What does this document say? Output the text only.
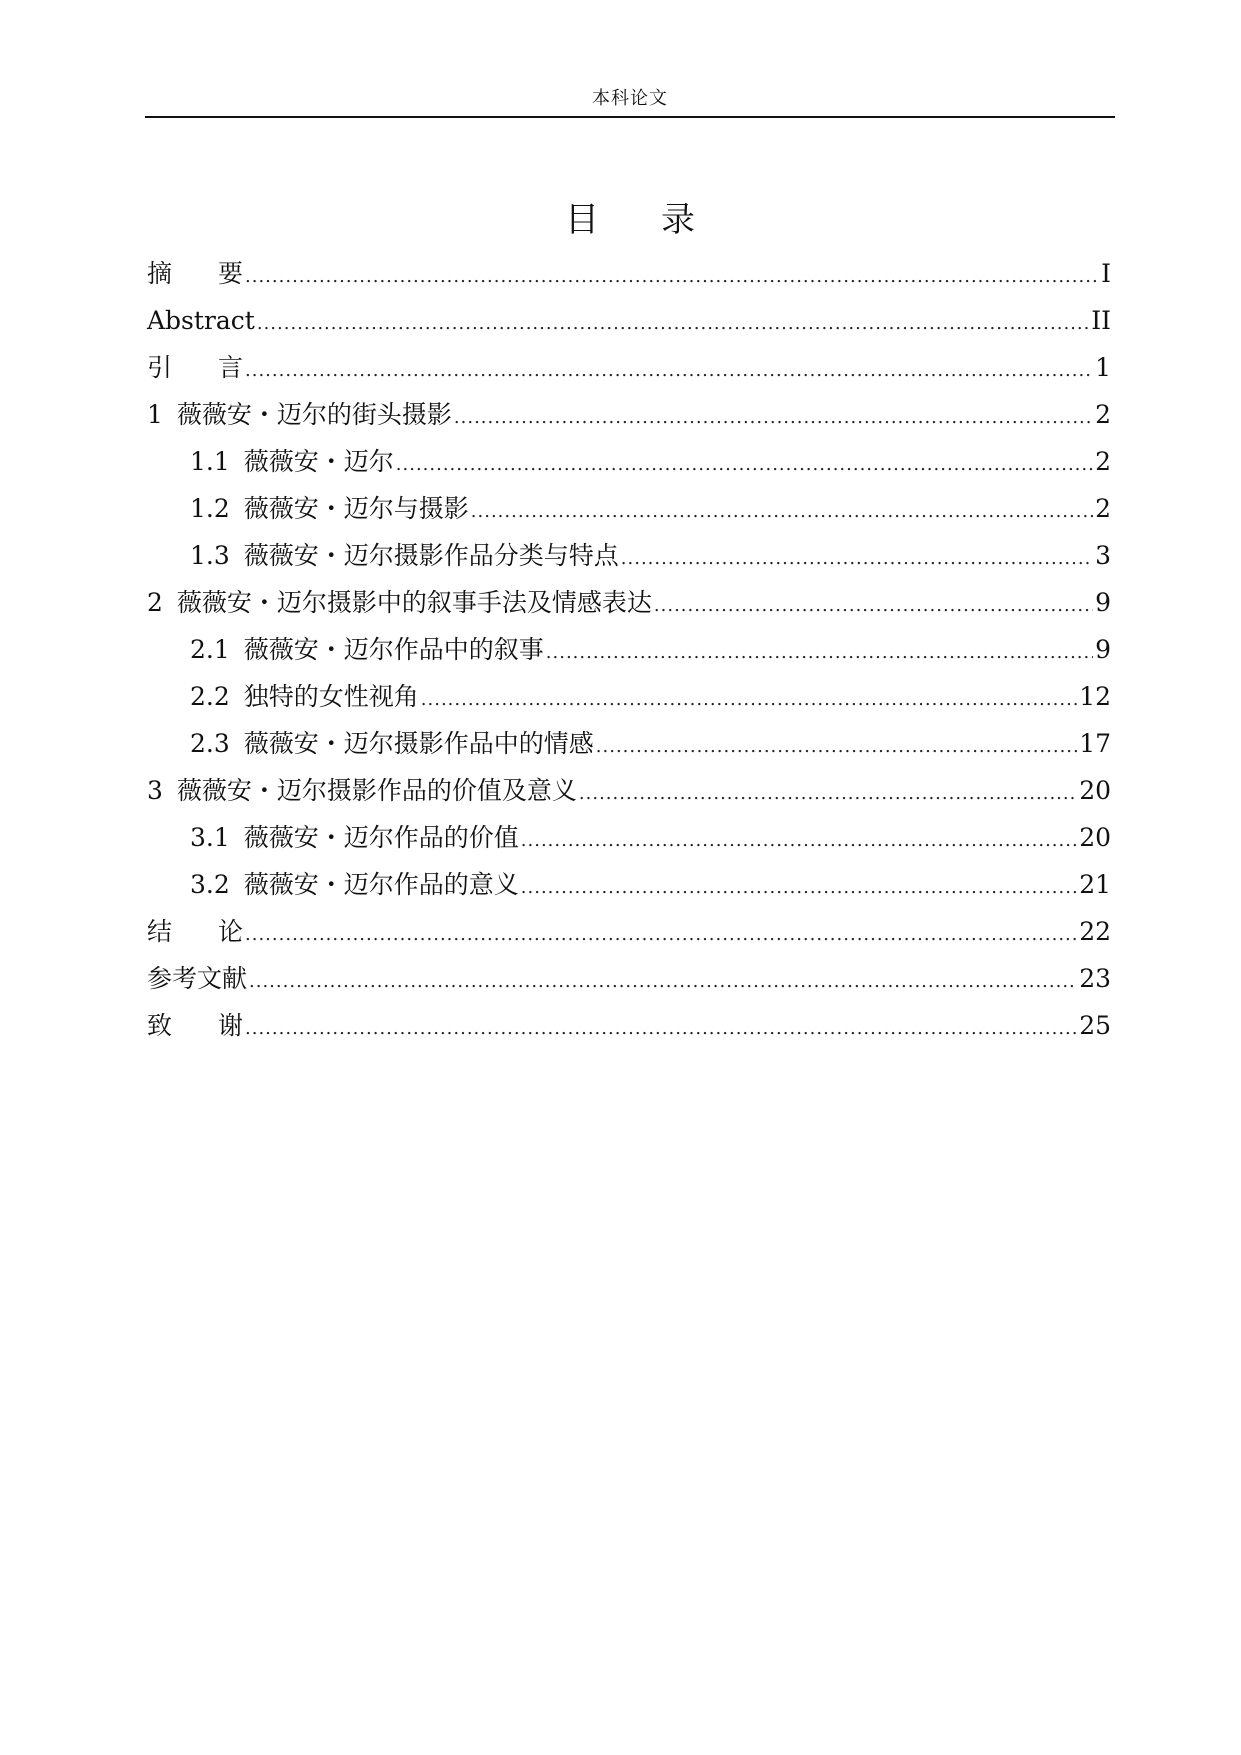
本科论文
目 录
摘要 .....	I
Abstract .....	II
引言 .....	1
1 薇薇安・迈尔的街头摄影 .....	2
1.1 薇薇安・迈尔 .....	2
1.2 薇薇安・迈尔与摄影 .....	2
1.3 薇薇安・迈尔摄影作品分类与特点 .....	3
2 薇薇安・迈尔摄影中的叙事手法及情感表达 .....	9
2.1 薇薇安・迈尔作品中的叙事 .....	9
2.2 独特的女性视角 .....	12
2.3 薇薇安・迈尔摄影作品中的情感 .....	17
3 薇薇安・迈尔摄影作品的价值及意义 .....	20
3.1 薇薇安・迈尔作品的价值 .....	20
3.2 薇薇安・迈尔作品的意义 .....	21
结论 .....	22
参考文献 .....	23
致谢 .....	25
